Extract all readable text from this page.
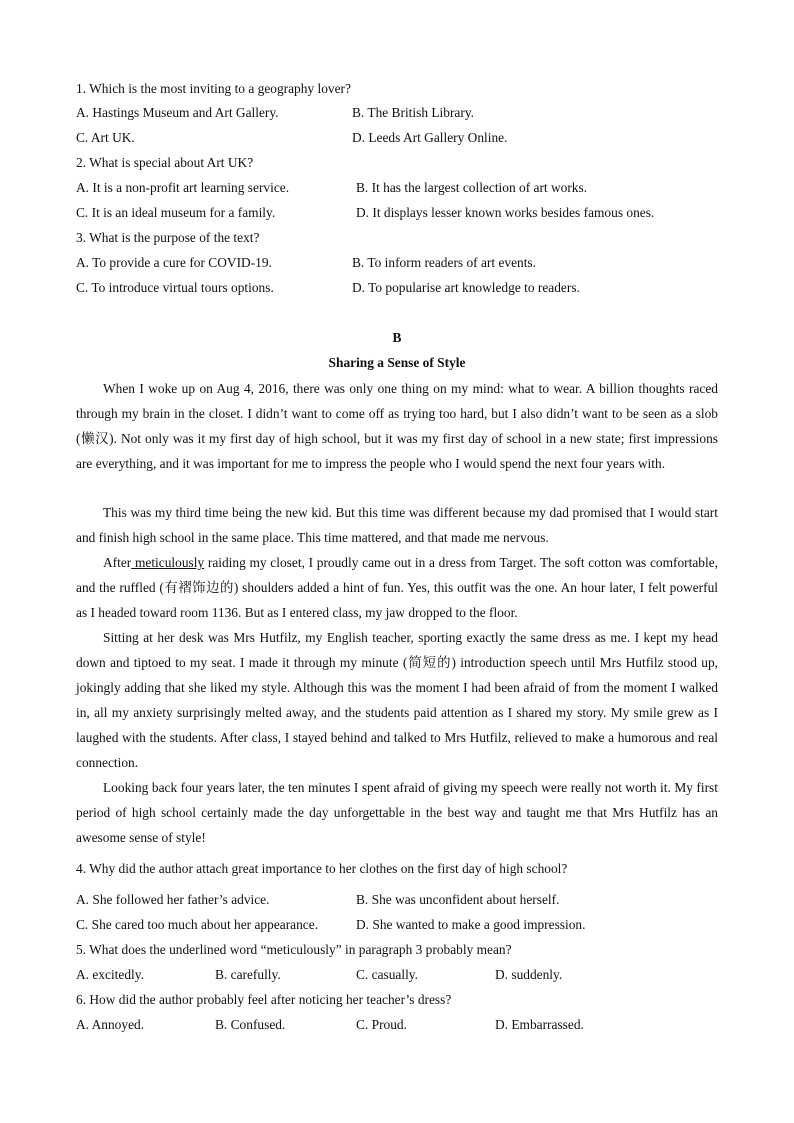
1. Which is the most inviting to a geography lover?
A. Hastings Museum and Art Gallery.	B. The British Library.
C. Art UK.	D. Leeds Art Gallery Online.
2. What is special about Art UK?
A. It is a non-profit art learning service.	B. It has the largest collection of art works.
C. It is an ideal museum for a family.	D. It displays lesser known works besides famous ones.
3. What is the purpose of the text?
A. To provide a cure for COVID-19.	B. To inform readers of art events.
C. To introduce virtual tours options.	D. To popularise art knowledge to readers.
B
Sharing a Sense of Style
When I woke up on Aug 4, 2016, there was only one thing on my mind: what to wear. A billion thoughts raced through my brain in the closet. I didn’t want to come off as trying too hard, but I also didn’t want to be seen as a slob (懒汉). Not only was it my first day of high school, but it was my first day of school in a new state; first impressions are everything, and it was important for me to impress the people who I would spend the next four years with.
This was my third time being the new kid. But this time was different because my dad promised that I would start and finish high school in the same place. This time mattered, and that made me nervous.
After meticulously raiding my closet, I proudly came out in a dress from Target. The soft cotton was comfortable, and the ruffled (有褶饰边的) shoulders added a hint of fun. Yes, this outfit was the one. An hour later, I felt powerful as I headed toward room 1136. But as I entered class, my jaw dropped to the floor.
Sitting at her desk was Mrs Hutfilz, my English teacher, sporting exactly the same dress as me. I kept my head down and tiptoed to my seat. I made it through my minute (简短的) introduction speech until Mrs Hutfilz stood up, jokingly adding that she liked my style. Although this was the moment I had been afraid of from the moment I walked in, all my anxiety surprisingly melted away, and the students paid attention as I shared my story. My smile grew as I laughed with the students. After class, I stayed behind and talked to Mrs Hutfilz, relieved to make a humorous and real connection.
Looking back four years later, the ten minutes I spent afraid of giving my speech were really not worth it. My first period of high school certainly made the day unforgettable in the best way and taught me that Mrs Hutfilz has an awesome sense of style!
4. Why did the author attach great importance to her clothes on the first day of high school?
A. She followed her father’s advice.	B. She was unconfident about herself.
C. She cared too much about her appearance.	D. She wanted to make a good impression.
5. What does the underlined word “meticulously” in paragraph 3 probably mean?
A. excitedly.	B. carefully.	C. casually.	D. suddenly.
6. How did the author probably feel after noticing her teacher’s dress?
A. Annoyed.	B. Confused.	C. Proud.	D. Embarrassed.
